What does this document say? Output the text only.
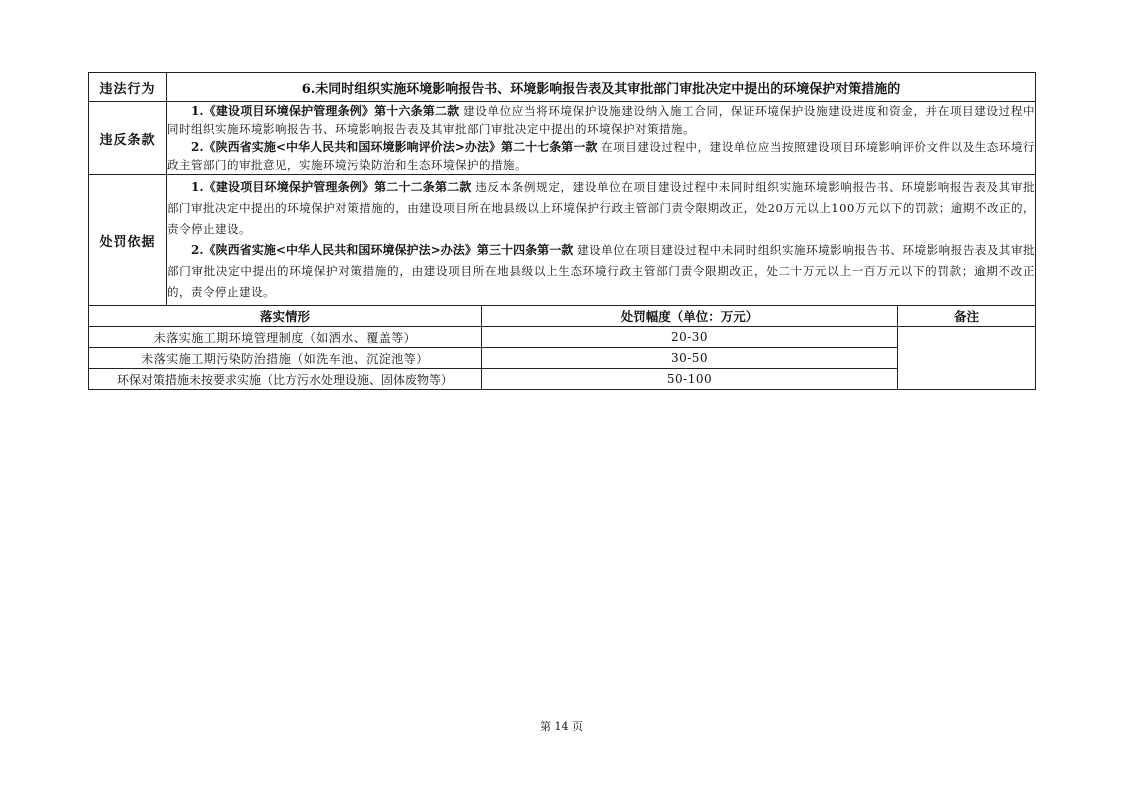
违法行为	6.未同时组织实施环境影响报告书、环境影响报告表及其审批部门审批决定中提出的环境保护对策措施的		
违反条款	1.《建设项目环境保护管理条例》第十六条第二款 建设单位应当将环境保护设施建设纳入施工合同，保证环境保护设施建设进度和资金，并在项目建设过程中同时组织实施环境影响报告书、环境影响报告表及其审批部门审批决定中提出的环境保护对策措施。
2.《陕西省实施<中华人民共和国环境影响评价法>办法》第二十七条第一款 在项目建设过程中，建设单位应当按照建设项目环境影响评价文件以及生态环境行政主管部门的审批意见，实施环境污染防治和生态环境保护的措施。		

处罚依据	1.《建设项目环境保护管理条例》第二十二条第二款 违反本条例规定，建设单位在项目建设过程中未同时组织实施环境影响报告书、环境影响报告表及其审批部门审批决定中提出的环境保护对策措施的，由建设项目所在地县级以上环境保护行政主管部门责令限期改正，处20万元以上100万元以下的罚款；逾期不改正的，责令停止建设。
2.《陕西省实施<中华人民共和国环境保护法>办法》第三十四条第一款 建设单位在项目建设过程中未同时组织实施环境影响报告书、环境影响报告表及其审批部门审批决定中提出的环境保护对策措施的，由建设项目所在地县级以上生态环境行政主管部门责令限期改正，处二十万元以上一百万元以下的罚款；逾期不改正的，责令停止建设。		

落实情形		处罚幅度（单位：万元）	备注
未落实施工期环境管理制度（如洒水、覆盖等）		20-30	
未落实施工期污染防治措施（如洗车池、沉淀池等）		30-50	
环保对策措施未按要求实施（比方污水处理设施、固体废物等）		50-100	
第 14 页
